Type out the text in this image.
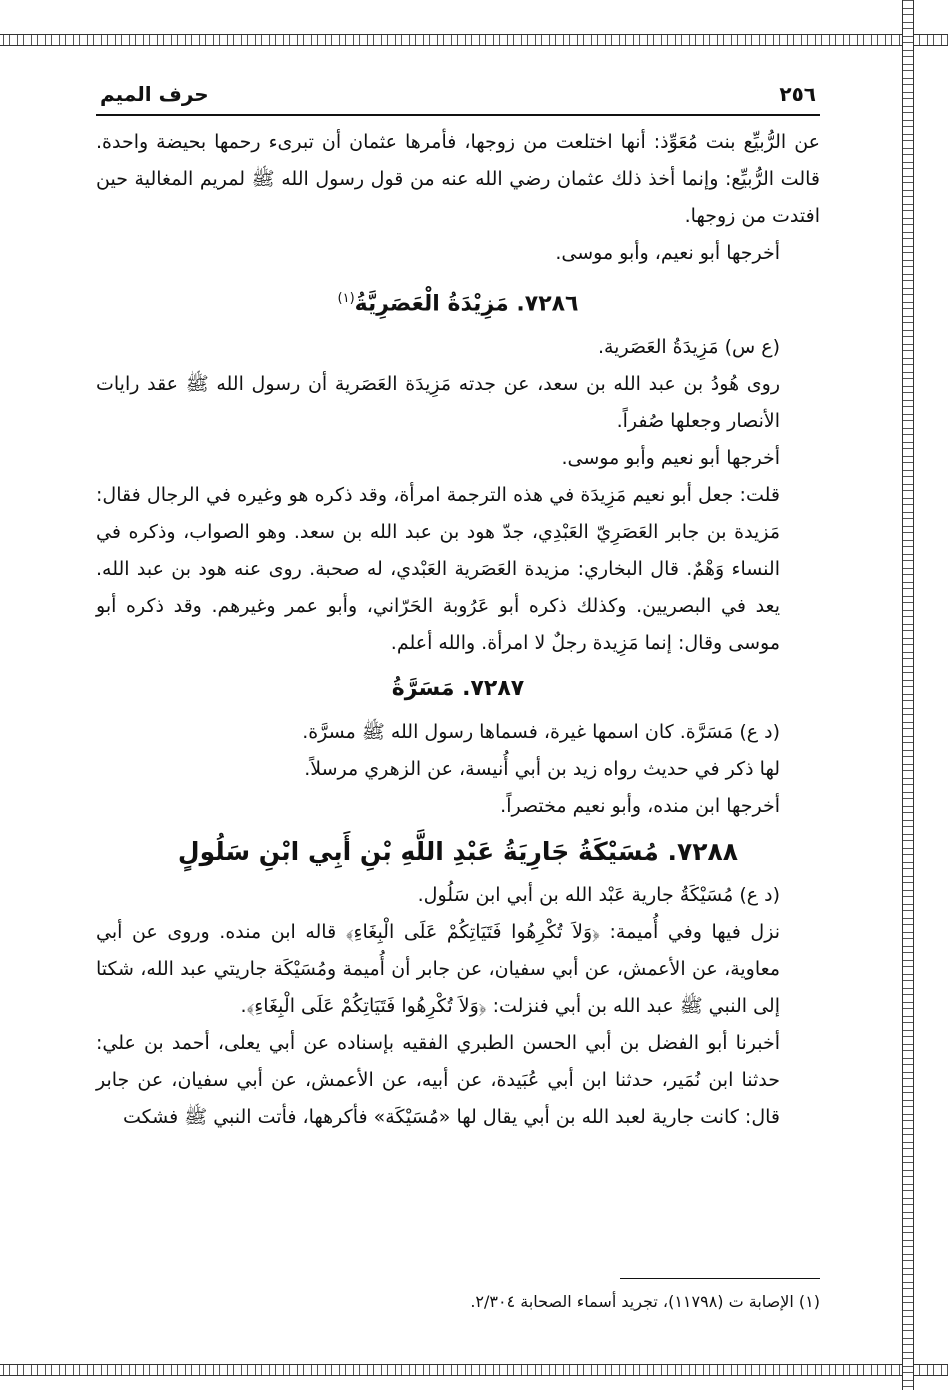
٢٥٦
حرف الميم

عن الرُّبيِّع بنت مُعَوِّذ: أنها اختلعت من زوجها، فأمرها عثمان أن تبرىء رحمها بحيضة واحدة. قالت الرُّبيِّع: وإنما أخذ ذلك عثمان رضي الله عنه من قول رسول الله ﷺ لمريم المغالية حين افتدت من زوجها.

أخرجها أبو نعيم، وأبو موسى.

٧٢٨٦. مَزِيْدَةُ الْعَصَرِيَّةُ$^{(١)}$

(ع س) مَزِيدَةُ العَصَرية.

روى هُودُ بن عبد الله بن سعد، عن جدته مَزِيدَة العَصَرية أن رسول الله ﷺ عقد رايات الأنصار وجعلها صُفراً.

أخرجها أبو نعيم وأبو موسى.

قلت: جعل أبو نعيم مَزِيدَة في هذه الترجمة امرأة، وقد ذكره هو وغيره في الرجال فقال: مَزيدة بن جابر العَصَرِيّ العَبْدِي، جدّ هود بن عبد الله بن سعد. وهو الصواب، وذكره في النساء وَهْمٌ. قال البخاري: مزيدة العَصَرية العَبْدي، له صحبة. روى عنه هود بن عبد الله. يعد في البصريين. وكذلك ذكره أبو عَرُوبة الحَرّاني، وأبو عمر وغيرهم. وقد ذكره أبو موسى وقال: إنما مَزِيدة رجلٌ لا امرأة. والله أعلم.

٧٢٨٧. مَسَرَّةُ

(د ع) مَسَرَّة. كان اسمها غيرة، فسماها رسول الله ﷺ مسرَّة.

لها ذكر في حديث رواه زيد بن أبي أُنيسة، عن الزهري مرسلاً.

أخرجها ابن منده، وأبو نعيم مختصراً.

٧٢٨٨. مُسَيْكَةُ جَارِيَةُ عَبْدِ اللَّهِ بْنِ أَبِي ابْنِ سَلُولٍ

(د ع) مُسَيْكَةُ جارية عَبْد الله بن أبي ابن سَلُول.

نزل فيها وفي أُميمة: ﴿وَلاَ تُكْرِهُوا فَتَيَاتِكُمْ عَلَى الْبِغَاءِ﴾ قاله ابن منده. وروى عن أبي معاوية، عن الأعمش، عن أبي سفيان، عن جابر أن أُميمة ومُسَيْكَة جاريتي عبد الله، شكتا إلى النبي ﷺ عبد الله بن أبي فنزلت: ﴿وَلاَ تُكْرِهُوا فَتَيَاتِكُمْ عَلَى الْبِغَاءِ﴾.

أخبرنا أبو الفضل بن أبي الحسن الطبري الفقيه بإسناده عن أبي يعلى، أحمد بن علي: حدثنا ابن نُمَير، حدثنا ابن أبي عُبَيدة، عن أبيه، عن الأعمش، عن أبي سفيان، عن جابر قال: كانت جارية لعبد الله بن أبي يقال لها «مُسَيْكَة» فأكرهها، فأتت النبي ﷺ فشكت

(١) الإصابة ت (١١٧٩٨)، تجريد أسماء الصحابة ٢/٣٠٤.
